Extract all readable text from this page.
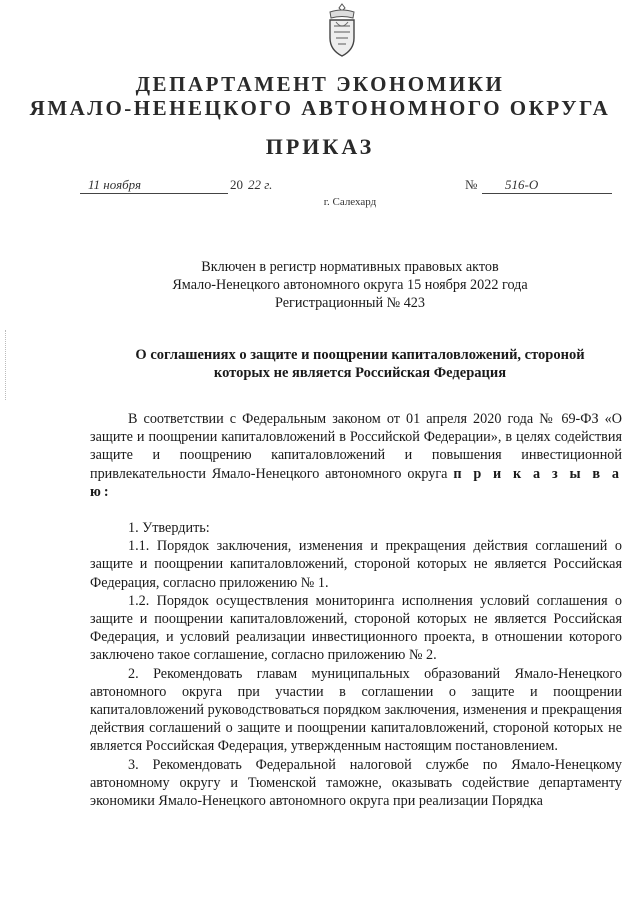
ДЕПАРТАМЕНТ ЭКОНОМИКИ
ЯМАЛО-НЕНЕЦКОГО АВТОНОМНОГО ОКРУГА
ПРИКАЗ
11 ноября	20 22 г.	№ 516-О
г. Салехард
Включен в регистр нормативных правовых актов
Ямало-Ненецкого автономного округа 15 ноября 2022 года
Регистрационный № 423
О соглашениях о защите и поощрении капиталовложений, стороной
которых не является Российская Федерация

В соответствии с Федеральным законом от 01 апреля 2020 года № 69-ФЗ «О защите и поощрении капиталовложений в Российской Федерации», в целях содействия защите и поощрению капиталовложений и повышения инвестиционной привлекательности Ямало-Ненецкого автономного округа п р и к а з ы в а ю:

1. Утвердить:

1.1. Порядок заключения, изменения и прекращения действия соглашений о защите и поощрении капиталовложений, стороной которых не является Российская Федерация, согласно приложению № 1.

1.2. Порядок осуществления мониторинга исполнения условий соглашения о защите и поощрении капиталовложений, стороной которых не является Российская Федерация, и условий реализации инвестиционного проекта, в отношении которого заключено такое соглашение, согласно приложению № 2.

2. Рекомендовать главам муниципальных образований Ямало-Ненецкого автономного округа при участии в соглашении о защите и поощрении капиталовложений руководствоваться порядком заключения, изменения и прекращения действия соглашений о защите и поощрении капиталовложений, стороной которых не является Российская Федерация, утвержденным настоящим постановлением.

3. Рекомендовать Федеральной налоговой службе по Ямало-Ненецкому автономному округу и Тюменской таможне, оказывать содействие департаменту экономики Ямало-Ненецкого автономного округа при реализации Порядка
